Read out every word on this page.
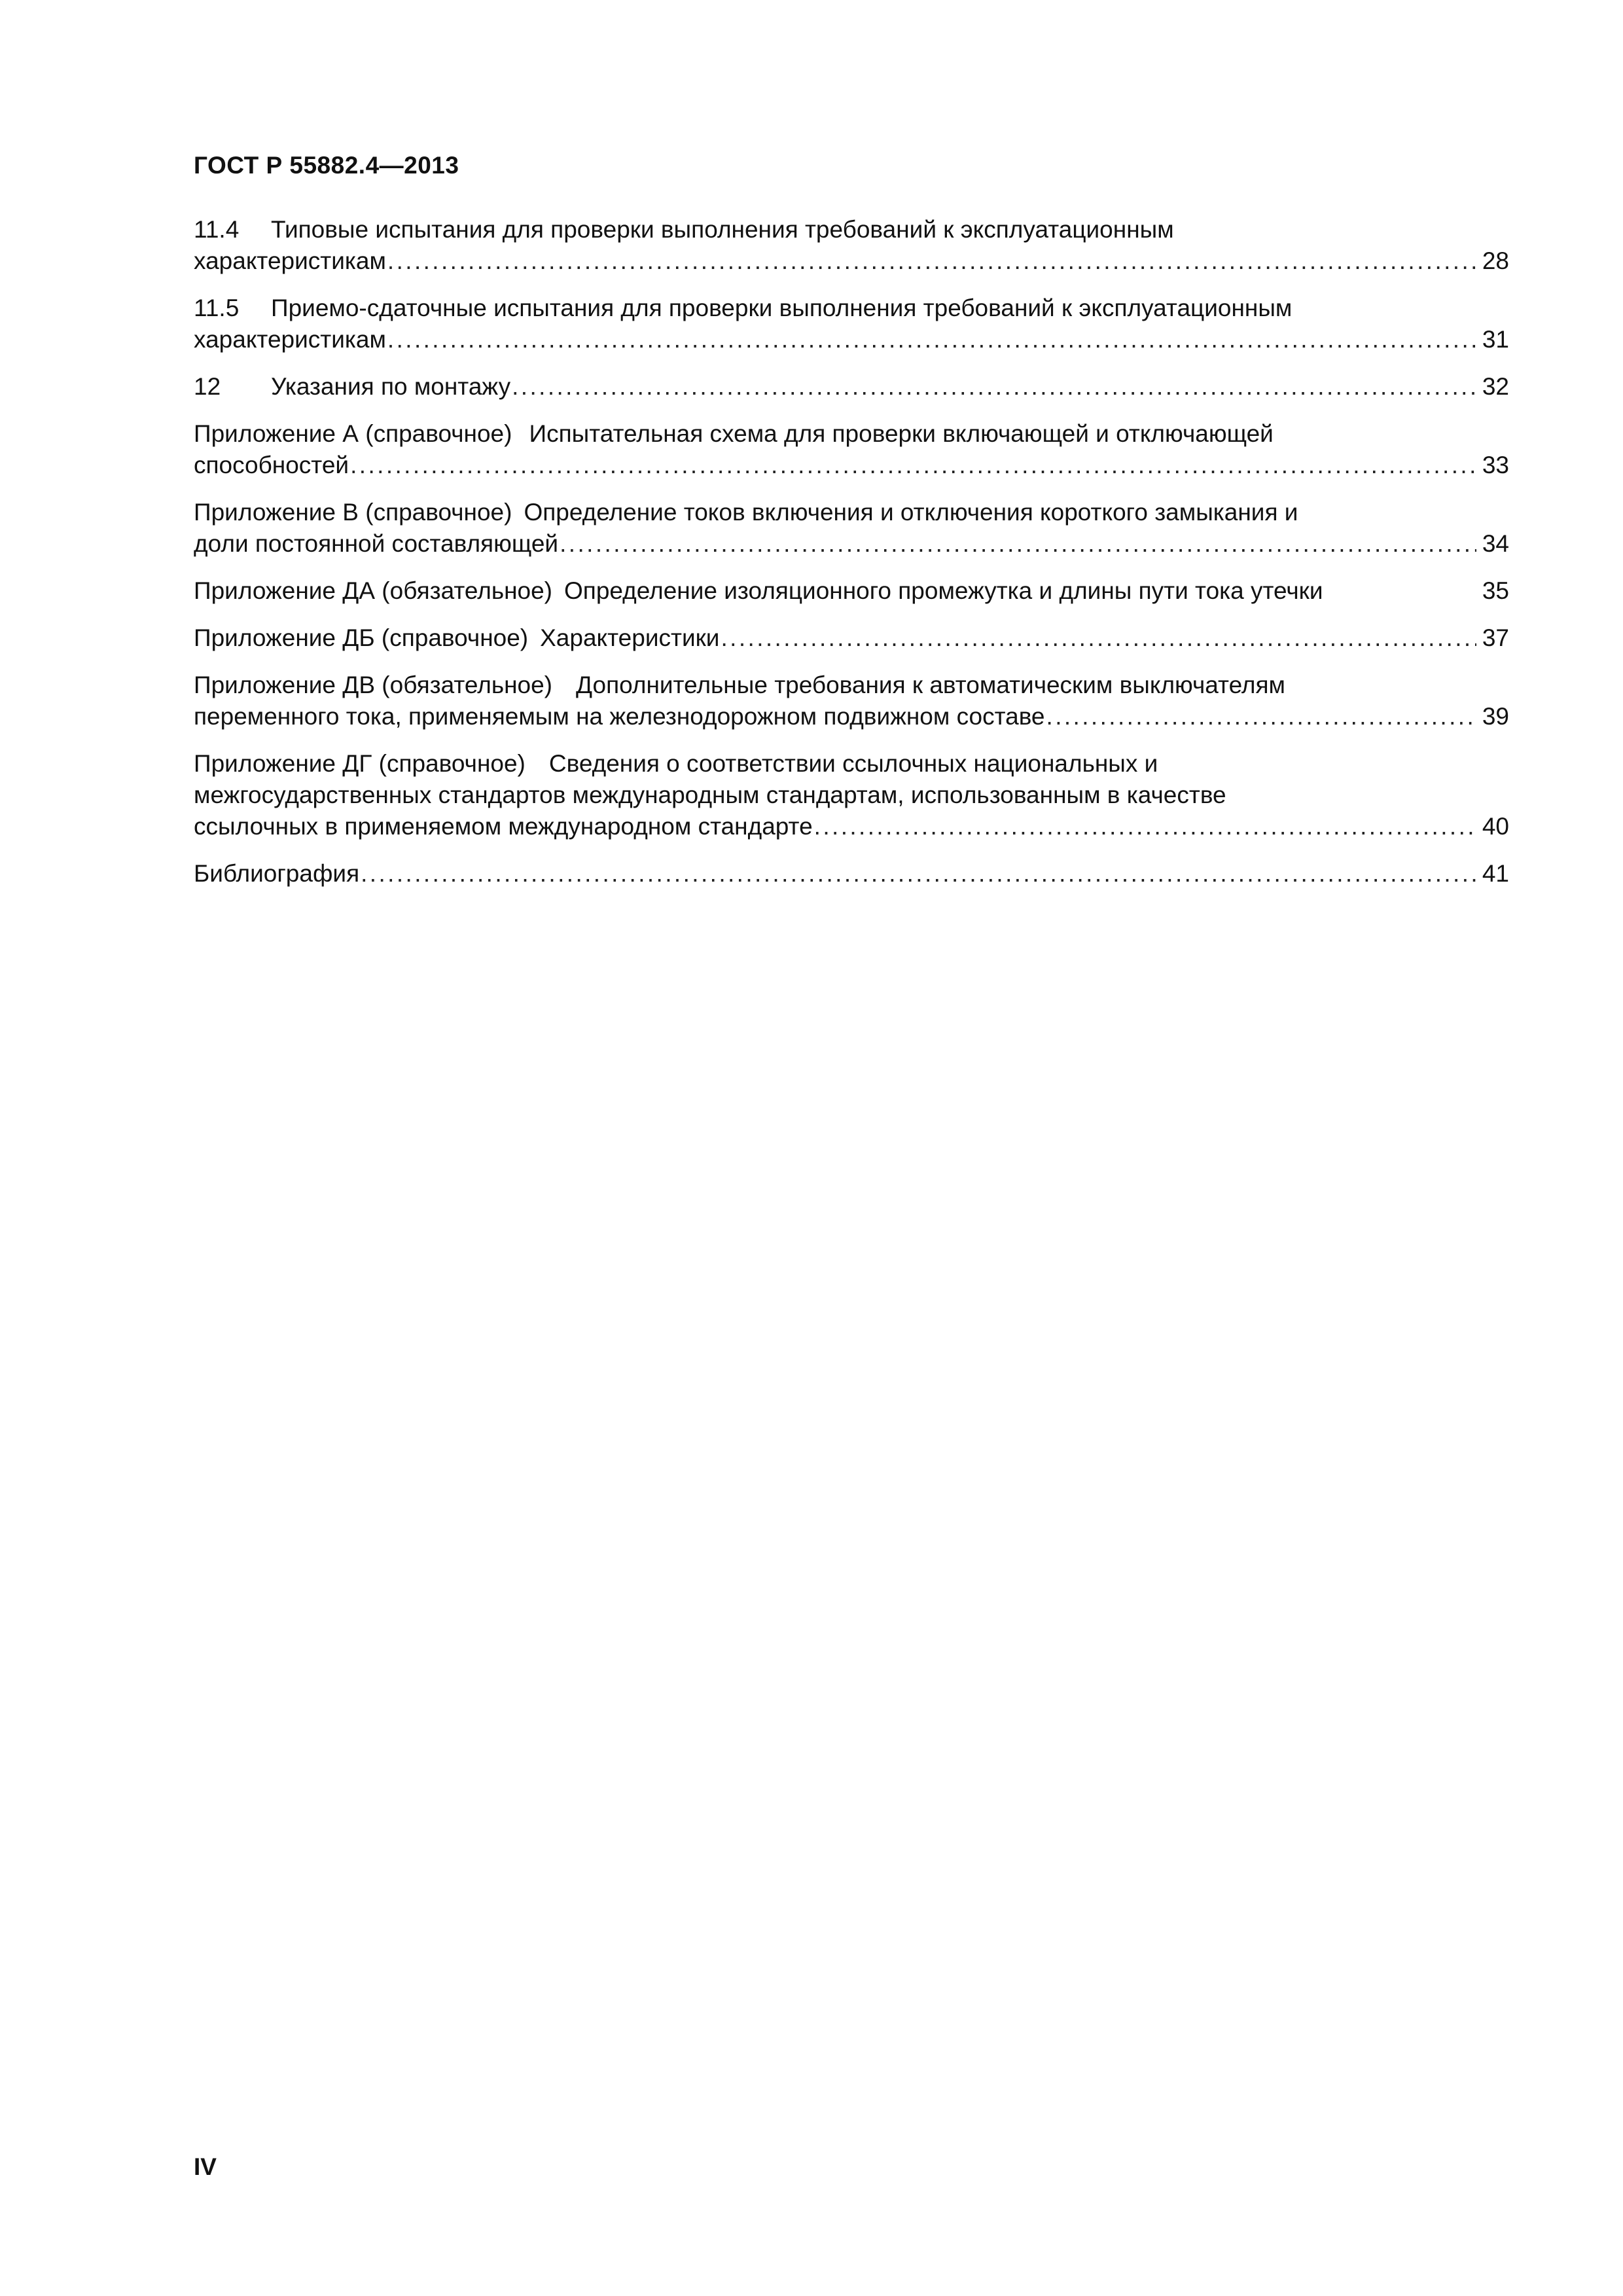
ГОСТ Р 55882.4—2013
11.4 Типовые испытания для проверки выполнения требований к эксплуатационным
характеристикам .....	28
11.5 Приемо-сдаточные испытания для проверки выполнения требований к эксплуатационным
характеристикам .....	31
12 Указания по монтажу .....	32
Приложение А (справочное) Испытательная схема для проверки включающей и отключающей
способностей .....	33
Приложение В (справочное) Определение токов включения и отключения короткого замыкания и
доли постоянной составляющей .....	34
Приложение ДА (обязательное) Определение изоляционного промежутка и длины пути тока утечки	35
Приложение ДБ (справочное) Характеристики .....	37
Приложение ДВ (обязательное) Дополнительные требования к автоматическим выключателям
переменного тока, применяемым на железнодорожном подвижном составе .....	39
Приложение ДГ (справочное) Сведения о соответствии ссылочных национальных и
межгосударственных стандартов международным стандартам, использованным в качестве
ссылочных в применяемом международном стандарте .....	40
Библиография .....	41
IV
